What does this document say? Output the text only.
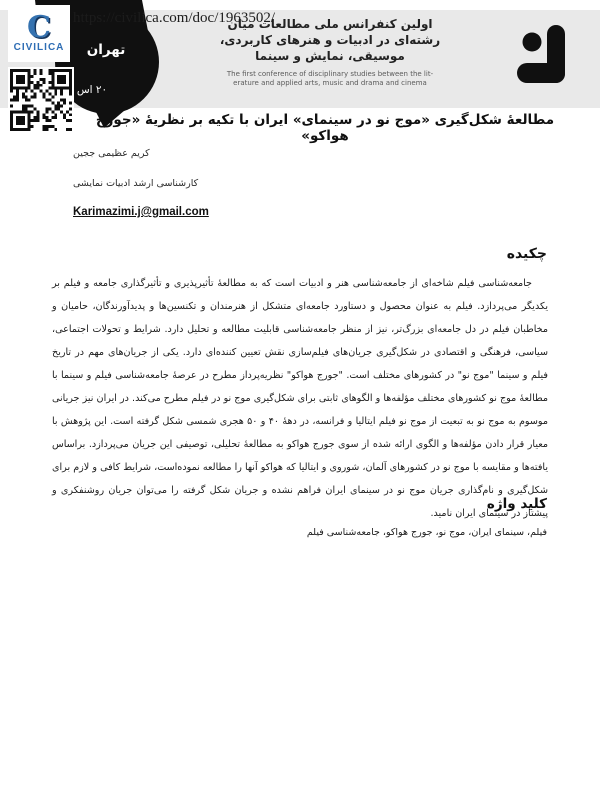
تهران
۲۰ اس
اولین کنفرانس ملی مطالعات میان
رشته‌ای در ادبیات و هنرهای کاربردی،
موسیقی، نمایش و سینما
The first conference of disciplinary studies between the lit-
erature and applied arts, music and drama and cinema
C
CIVILICA
https://civilica.com/doc/1963502/
مطالعهٔ شکل‌گیری «موج نو در سینمای» ایران با تکیه بر نظریهٔ «جورج هواکو»
کریم عظیمی ججین
کارشناسی ارشد ادبیات نمایشی
Karimazimi.j@gmail.com
چکیده
جامعه‌شناسی فیلم شاخه‌ای از جامعه‌شناسی هنر و ادبیات است که به مطالعهٔ تأثیرپذیری و تأثیرگذاری جامعه و فیلم بر یکدیگر می‌پردازد. فیلم به عنوان محصول و دستاورد جامعه‌ای متشکل از هنرمندان و تکنسین‌ها و پدیدآورندگان، حامیان و مخاطبان فیلم در دل جامعه‌ای بزرگ‌تر، نیز از منظر جامعه‌شناسی قابلیت مطالعه و تحلیل دارد. شرایط و تحولات اجتماعی، سیاسی، فرهنگی و اقتصادی در شکل‌گیری جریان‌های فیلم‌سازی نقش تعیین کننده‌ای دارد. یکی از جریان‌های مهم در تاریخ فیلم و سینما "موج نو" در کشورهای مختلف است. "جورج هواکو" نظریه‌پرداز مطرح در عرصهٔ جامعه‌شناسی فیلم و سینما با مطالعهٔ موج نو کشورهای مختلف مؤلفه‌ها و الگوهای ثابتی برای شکل‌گیری موج نو در فیلم مطرح می‌کند. در ایران نیز جریانی موسوم به موج نو به تبعیت از موج نو فیلم ایتالیا و فرانسه، در دههٔ ۴۰ و ۵۰ هجری شمسی شکل گرفته است. این پژوهش با معیار قرار دادن مؤلفه‌ها و الگوی ارائه شده از سوی جورج هواکو به مطالعهٔ تحلیلی، توصیفی این جریان می‌پردازد. براساس یافته‌ها و مقایسه با موج نو در کشورهای آلمان، شوروی و ایتالیا که هواکو آنها را مطالعه نموده‌است، شرایط کافی و لازم برای شکل‌گیری و نام‌گذاری جریان موج نو در سینمای ایران فراهم نشده و جریان شکل گرفته را می‌توان جریان روشنفکری و پیشتاز در سینمای ایران نامید.
کلید واژه
فیلم، سینمای ایران، موج نو، جورج هواکو، جامعه‌شناسی فیلم
